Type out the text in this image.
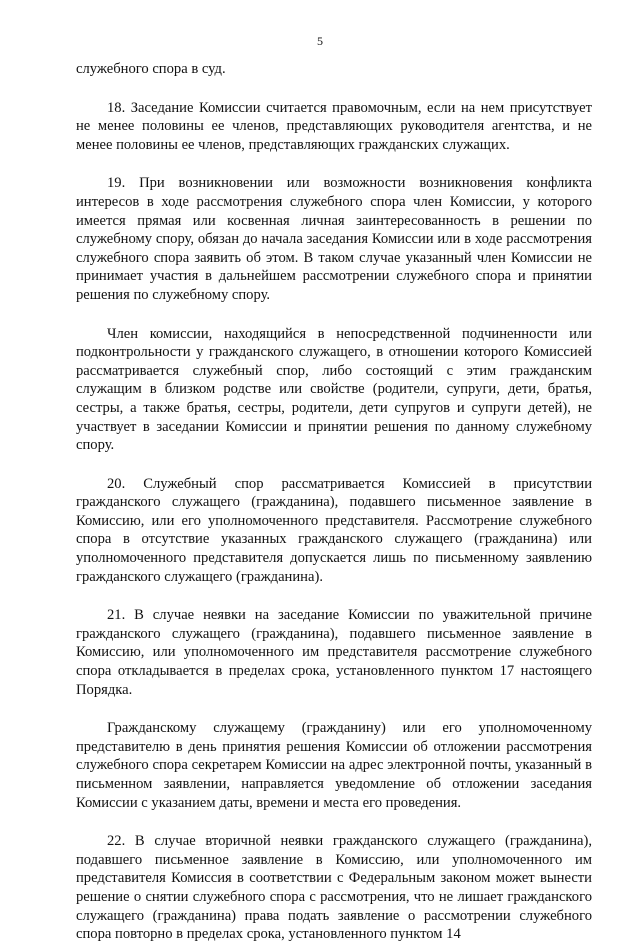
5

служебного спора в суд.

18. Заседание Комиссии считается правомочным, если на нем присутствует не менее половины ее членов, представляющих руководителя агентства, и не менее половины ее членов, представляющих гражданских служащих.

19. При возникновении или возможности возникновения конфликта интересов в ходе рассмотрения служебного спора член Комиссии, у которого имеется прямая или косвенная личная заинтересованность в решении по служебному спору, обязан до начала заседания Комиссии или в ходе рассмотрения служебного спора заявить об этом. В таком случае указанный член Комиссии не принимает участия в дальнейшем рассмотрении служебного спора и принятии решения по служебному спору.

Член комиссии, находящийся в непосредственной подчиненности или подконтрольности у гражданского служащего, в отношении которого Комиссией рассматривается служебный спор, либо состоящий с этим гражданским служащим в близком родстве или свойстве (родители, супруги, дети, братья, сестры, а также братья, сестры, родители, дети супругов и супруги детей), не участвует в заседании Комиссии и принятии решения по данному служебному спору.

20. Служебный спор рассматривается Комиссией в присутствии гражданского служащего (гражданина), подавшего письменное заявление в Комиссию, или его уполномоченного представителя. Рассмотрение служебного спора в отсутствие указанных гражданского служащего (гражданина) или уполномоченного представителя допускается лишь по письменному заявлению гражданского служащего (гражданина).

21. В случае неявки на заседание Комиссии по уважительной причине гражданского служащего (гражданина), подавшего письменное заявление в Комиссию, или уполномоченного им представителя рассмотрение служебного спора откладывается в пределах срока, установленного пунктом 17 настоящего Порядка.

Гражданскому служащему (гражданину) или его уполномоченному представителю в день принятия решения Комиссии об отложении рассмотрения служебного спора секретарем Комиссии на адрес электронной почты, указанный в письменном заявлении, направляется уведомление об отложении заседания Комиссии с указанием даты, времени и места его проведения.

22. В случае вторичной неявки гражданского служащего (гражданина), подавшего письменное заявление в Комиссию, или уполномоченного им представителя Комиссия в соответствии с Федеральным законом может вынести решение о снятии служебного спора с рассмотрения, что не лишает гражданского служащего (гражданина) права подать заявление о рассмотрении служебного спора повторно в пределах срока, установленного пунктом 14
